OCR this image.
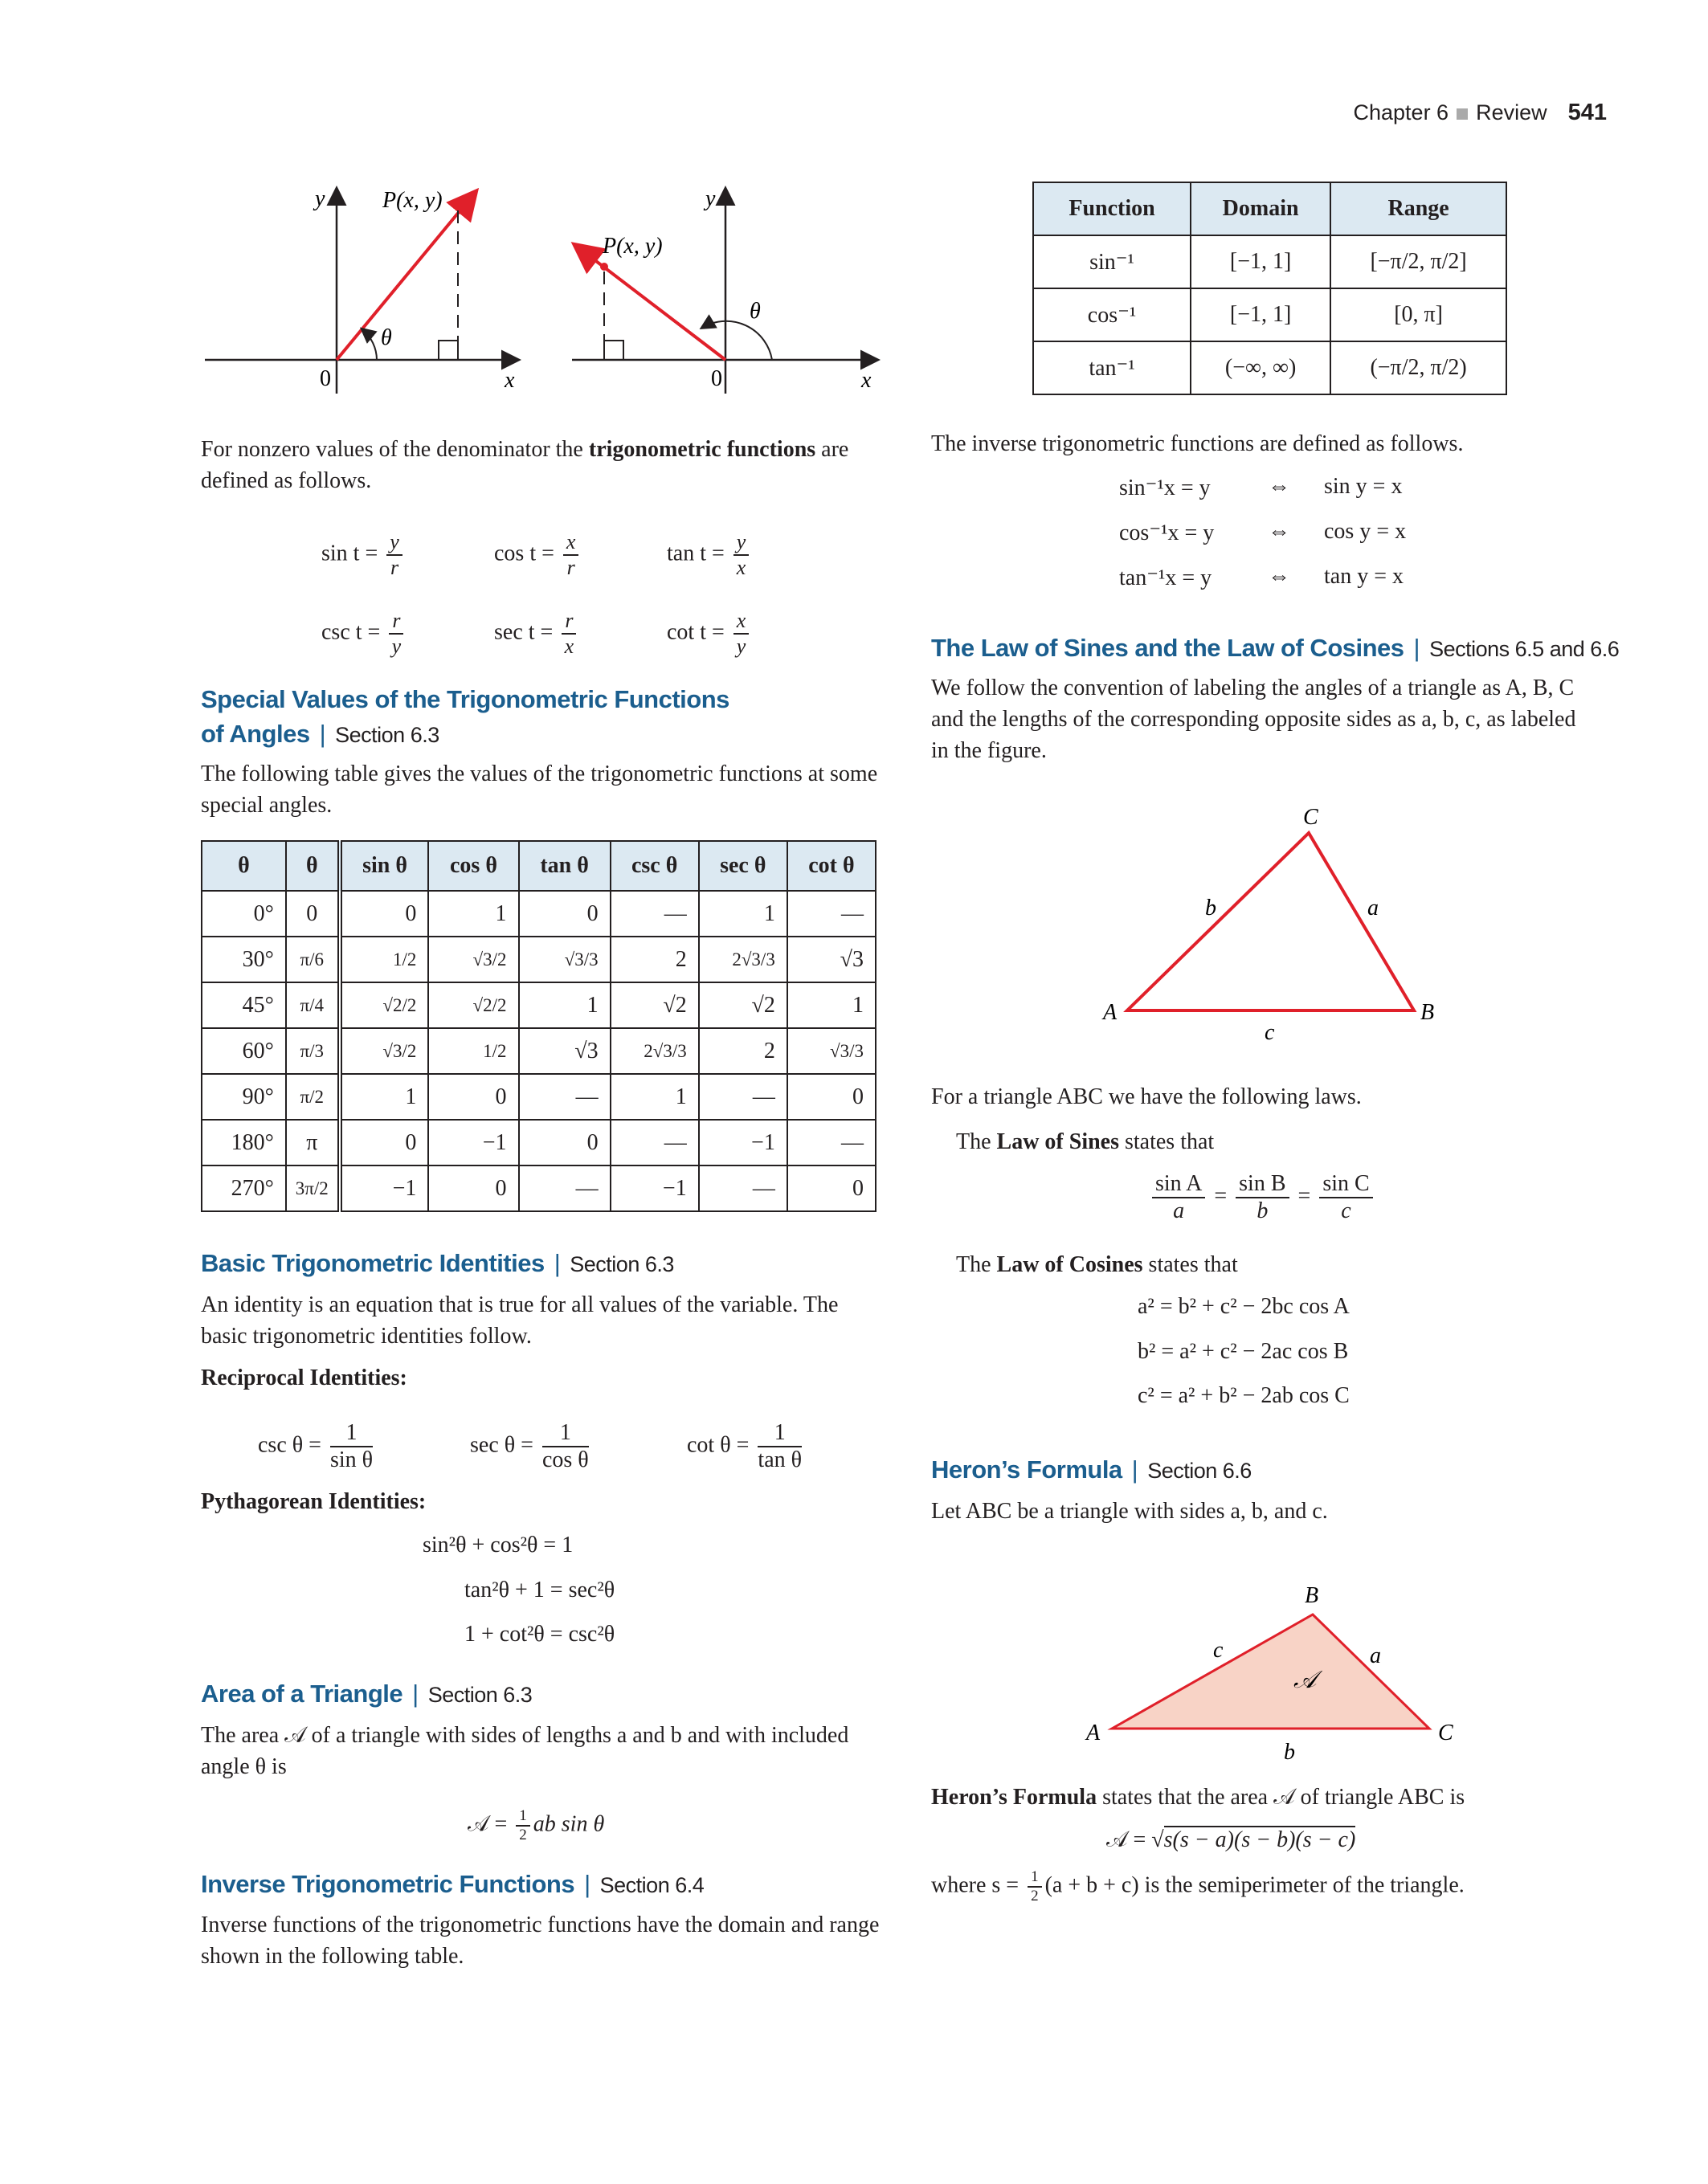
Chapter 6 Review 541
y	P(x, y)
θ
0	x
y
P(x, y)
θ
0	x
C
b	a
A	B
c
B
c	a
𝒜
A	C
b
For nonzero values of the denominator the trigonometric functions are defined as follows.
Special Values of the Trigonometric Functions
of Angles | Section 6.3
The following table gives the values of the trigonometric functions at some special angles.
θ	θ	sin θ	cos θ	tan θ	csc θ	sec θ	cot θ
0°	0	0	1	0	—	1	—
30°	π/6	1/2	√3/2	√3/3	2	2√3/3	√3
45°	π/4	√2/2	√2/2	1	√2	√2	1
60°	π/3	√3/2	1/2	√3	2√3/3	2	√3/3
90°	π/2	1	0	—	1	—	0
180°	π	0	−1	0	—	−1	—
270°	3π/2	−1	0	—	−1	—	0
Basic Trigonometric Identities | Section 6.3
An identity is an equation that is true for all values of the variable. The basic trigonometric identities follow.
Reciprocal Identities:
Pythagorean Identities:
sin²θ + cos²θ = 1
tan²θ + 1 = sec²θ
1 + cot²θ = csc²θ
Area of a Triangle | Section 6.3
The area 𝒜 of a triangle with sides of lengths a and b and with included angle θ is
𝒜 = $\frac{1}{2}$ ab sin θ
Inverse Trigonometric Functions | Section 6.4
Inverse functions of the trigonometric functions have the domain and range shown in the following table.
Function	Domain	Range
sin⁻¹	[−1, 1]	[−π/2, π/2]
cos⁻¹	[−1, 1]	[0, π]
tan⁻¹	(−∞, ∞)	(−π/2, π/2)
The inverse trigonometric functions are defined as follows.
The Law of Sines and the Law of Cosines | Sections 6.5 and 6.6
We follow the convention of labeling the angles of a triangle as A, B, C and the lengths of the corresponding opposite sides as a, b, c, as labeled in the figure.
For a triangle ABC we have the following laws.
The Law of Sines states that
$\frac{\text{sin A}}{a} = \frac{\text{sin B}}{b} = \frac{\text{sin C}}{c}$
The Law of Cosines states that
a² = b² + c² − 2bc cos A
b² = a² + c² − 2ac cos B
c² = a² + b² − 2ab cos C
Heron’s Formula | Section 6.6
Let ABC be a triangle with sides a, b, and c.
Heron’s Formula states that the area 𝒜 of triangle ABC is
𝒜 = √s(s − a)(s − b)(s − c)
where $s = \frac{1}{2} (a + b + c)$ is the semiperimeter of the triangle.
$\sin t = \frac{y}{r}$	$\cos t = \frac{x}{r}$	$\tan t = \frac{y}{x}$
$\csc t = \frac{r}{y}$	$\sec t = \frac{r}{x}$	$\cot t = \frac{x}{y}$
$\csc \theta = \frac{1}{\text{sin θ}}$	$\sec \theta = \frac{1}{\text{cos θ}}$	$\cot \theta = \frac{1}{\text{tan θ}}$
sin⁻¹x = y	⇔ sin y = x
cos⁻¹x = y ⇔ cos y = x
tan⁻¹x = y ⇔ tan y = x
